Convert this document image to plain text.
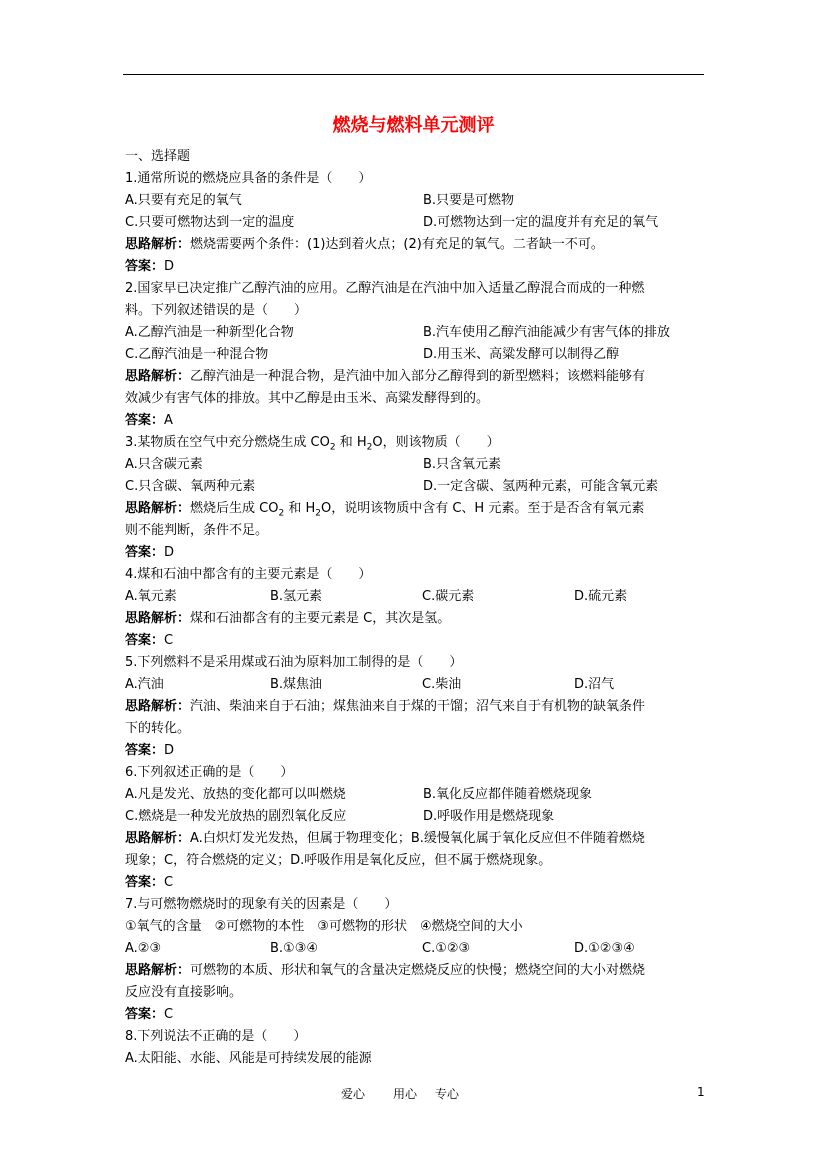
燃烧与燃料单元测评
一、选择题
1.通常所说的燃烧应具备的条件是（　　）
A.只要有充足的氧气	B.只要是可燃物
C.只要可燃物达到一定的温度	D.可燃物达到一定的温度并有充足的氧气
思路解析：燃烧需要两个条件：(1)达到着火点；(2)有充足的氧气。二者缺一不可。
答案：D
2.国家早已决定推广乙醇汽油的应用。乙醇汽油是在汽油中加入适量乙醇混合而成的一种燃
料。下列叙述错误的是（　　）
A.乙醇汽油是一种新型化合物	B.汽车使用乙醇汽油能减少有害气体的排放
C.乙醇汽油是一种混合物	D.用玉米、高粱发酵可以制得乙醇
思路解析：乙醇汽油是一种混合物，是汽油中加入部分乙醇得到的新型燃料；该燃料能够有
效减少有害气体的排放。其中乙醇是由玉米、高粱发酵得到的。
答案：A
3.某物质在空气中充分燃烧生成 $CO_2$ 和 $H_2O$，则该物质（　　）
A.只含碳元素	B.只含氧元素
C.只含碳、氧两种元素	D.一定含碳、氢两种元素，可能含氧元素
思路解析：燃烧后生成 $CO_2$ 和 $H_2O$，说明该物质中含有 C、H 元素。至于是否含有氧元素
则不能判断，条件不足。
答案：D
4.煤和石油中都含有的主要元素是（　　）
A.氧元素	B.氢元素	C.碳元素	D.硫元素
思路解析：煤和石油都含有的主要元素是 C，其次是氢。
答案：C
5.下列燃料不是采用煤或石油为原料加工制得的是（　　）
A.汽油	B.煤焦油	C.柴油	D.沼气
思路解析：汽油、柴油来自于石油；煤焦油来自于煤的干馏；沼气来自于有机物的缺氧条件
下的转化。
答案：D
6.下列叙述正确的是（　　）
A.凡是发光、放热的变化都可以叫燃烧	B.氧化反应都伴随着燃烧现象
C.燃烧是一种发光放热的剧烈氧化反应	D.呼吸作用是燃烧现象
思路解析：A.白炽灯发光发热，但属于物理变化；B.缓慢氧化属于氧化反应但不伴随着燃烧
现象；C，符合燃烧的定义；D.呼吸作用是氧化反应，但不属于燃烧现象。
答案：C
7.与可燃物燃烧时的现象有关的因素是（　　）
①氧气的含量　②可燃物的本性　③可燃物的形状　④燃烧空间的大小
A.②③	B.①③④	C.①②③	D.①②③④
思路解析：可燃物的本质、形状和氧气的含量决定燃烧反应的快慢；燃烧空间的大小对燃烧
反应没有直接影响。
答案：C
8.下列说法不正确的是（　　）
A.太阳能、水能、风能是可持续发展的能源
爱心 用心 专心	1
